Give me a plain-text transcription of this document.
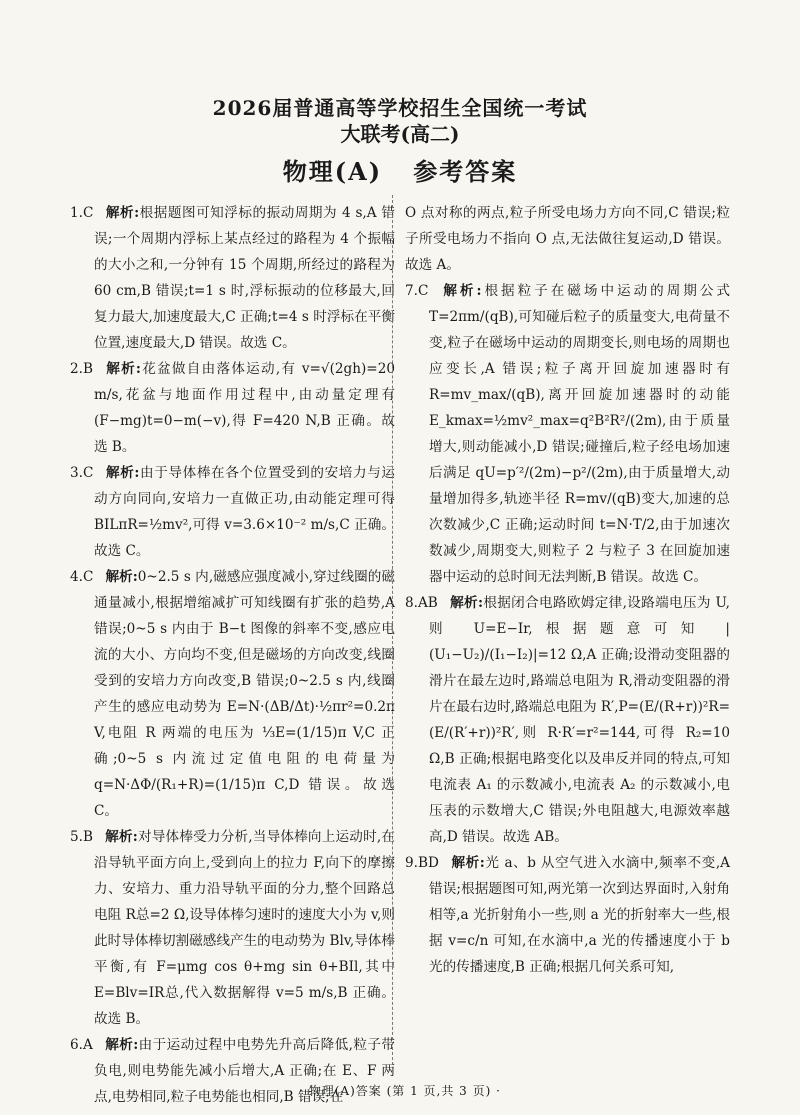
2026届普通高等学校招生全国统一考试
大联考(高二)
物理(A)   参考答案

1.C 解析:根据题图可知浮标的振动周期为 4 s,A 错误;一个周期内浮标上某点经过的路程为 4 个振幅的大小之和,一分钟有 15 个周期,所经过的路程为 60 cm,B 错误;t=1 s 时,浮标振动的位移最大,回复力最大,加速度最大,C 正确;t=4 s 时浮标在平衡位置,速度最大,D 错误。故选 C。

2.B 解析:花盆做自由落体运动,有 v=√(2gh)=20 m/s,花盆与地面作用过程中,由动量定理有(F−mg)t=0−m(−v),得 F=420 N,B 正确。故选 B。

3.C 解析:由于导体棒在各个位置受到的安培力与运动方向同向,安培力一直做正功,由动能定理可得 BILπR=½mv²,可得 v=3.6×10⁻² m/s,C 正确。故选 C。

4.C 解析:0~2.5 s 内,磁感应强度减小,穿过线圈的磁通量减小,根据增缩减扩可知线圈有扩张的趋势,A 错误;0~5 s 内由于 B−t 图像的斜率不变,感应电流的大小、方向均不变,但是磁场的方向改变,线圈受到的安培力方向改变,B 错误;0~2.5 s 内,线圈产生的感应电动势为 E=N·(ΔB/Δt)·½πr²=0.2π V,电阻 R 两端的电压为 ⅓E=(1/15)π V,C 正确;0~5 s 内流过定值电阻的电荷量为 q=N·ΔΦ/(R₁+R)=(1/15)π C,D 错误。故选 C。

5.B 解析:对导体棒受力分析,当导体棒向上运动时,在沿导轨平面方向上,受到向上的拉力 F,向下的摩擦力、安培力、重力沿导轨平面的分力,整个回路总电阻 R总=2 Ω,设导体棒匀速时的速度大小为 v,则此时导体棒切割磁感线产生的电动势为 Blv,导体棒平衡,有 F=μmg cos θ+mg sin θ+BIl,其中 E=Blv=IR总,代入数据解得 v=5 m/s,B 正确。故选 B。

6.A 解析:由于运动过程中电势先升高后降低,粒子带负电,则电势能先减小后增大,A 正确;在 E、F 两点,电势相同,粒子电势能也相同,B 错误;在

O 点对称的两点,粒子所受电场力方向不同,C 错误;粒子所受电场力不指向 O 点,无法做往复运动,D 错误。故选 A。

7.C 解析:根据粒子在磁场中运动的周期公式 T=2πm/(qB),可知碰后粒子的质量变大,电荷量不变,粒子在磁场中运动的周期变长,则电场的周期也应变长,A 错误;粒子离开回旋加速器时有 R=mv_max/(qB),离开回旋加速器时的动能 E_kmax=½mv²_max=q²B²R²/(2m),由于质量增大,则动能减小,D 错误;碰撞后,粒子经电场加速后满足 qU=p′²/(2m)−p²/(2m),由于质量增大,动量增加得多,轨迹半径 R=mv/(qB)变大,加速的总次数减少,C 正确;运动时间 t=N·T/2,由于加速次数减少,周期变大,则粒子 2 与粒子 3 在回旋加速器中运动的总时间无法判断,B 错误。故选 C。

8.AB 解析:根据闭合电路欧姆定律,设路端电压为 U,则 U=E−Ir,根据题意可知 |(U₁−U₂)/(I₁−I₂)|=12 Ω,A 正确;设滑动变阻器的滑片在最左边时,路端总电阻为 R,滑动变阻器的滑片在最右边时,路端总电阻为 R′,P=(E/(R+r))²R=(E/(R′+r))²R′,则 R·R′=r²=144,可得 R₂=10 Ω,B 正确;根据电路变化以及串反并同的特点,可知电流表 A₁ 的示数减小,电流表 A₂ 的示数减小,电压表的示数增大,C 错误;外电阻越大,电源效率越高,D 错误。故选 AB。

9.BD 解析:光 a、b 从空气进入水滴中,频率不变,A 错误;根据题图可知,两光第一次到达界面时,入射角相等,a 光折射角小一些,则 a 光的折射率大一些,根据 v=c/n 可知,在水滴中,a 光的传播速度小于 b 光的传播速度,B 正确;根据几何关系可知,

· 物理(A)答案 (第 1 页,共 3 页) ·
